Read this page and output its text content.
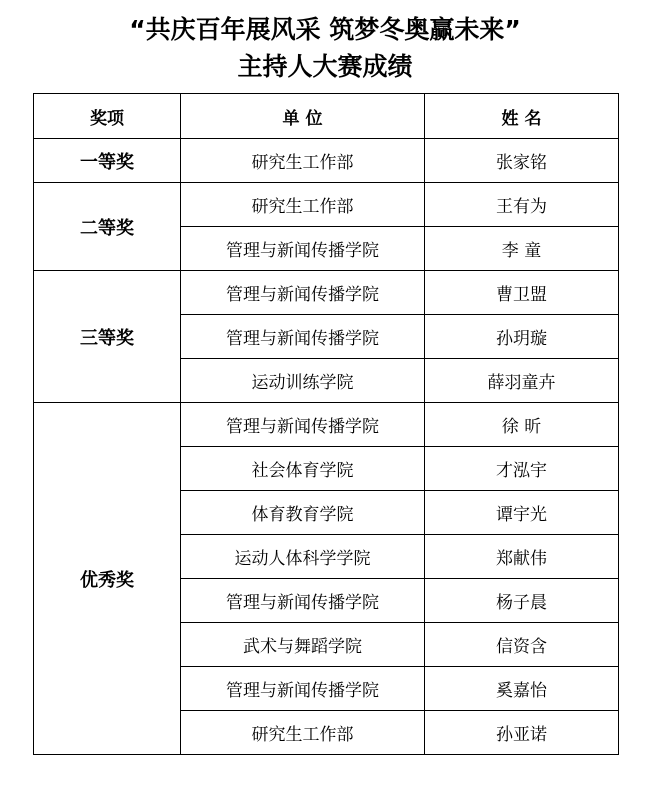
“共庆百年展风采 筑梦冬奥赢未来”
主持人大赛成绩
奖项	单 位	姓 名
一等奖	研究生工作部	张家铭
二等奖	研究生工作部	王有为
	管理与新闻传播学院	李 童
三等奖	管理与新闻传播学院	曹卫盟
	管理与新闻传播学院	孙玥璇
	运动训练学院	薛羽童卉
优秀奖	管理与新闻传播学院	徐 昕
	社会体育学院	才泓宇
	体育教育学院	谭宇光
	运动人体科学学院	郑献伟
	管理与新闻传播学院	杨子晨
	武术与舞蹈学院	信资含
	管理与新闻传播学院	奚嘉怡
	研究生工作部	孙亚诺
